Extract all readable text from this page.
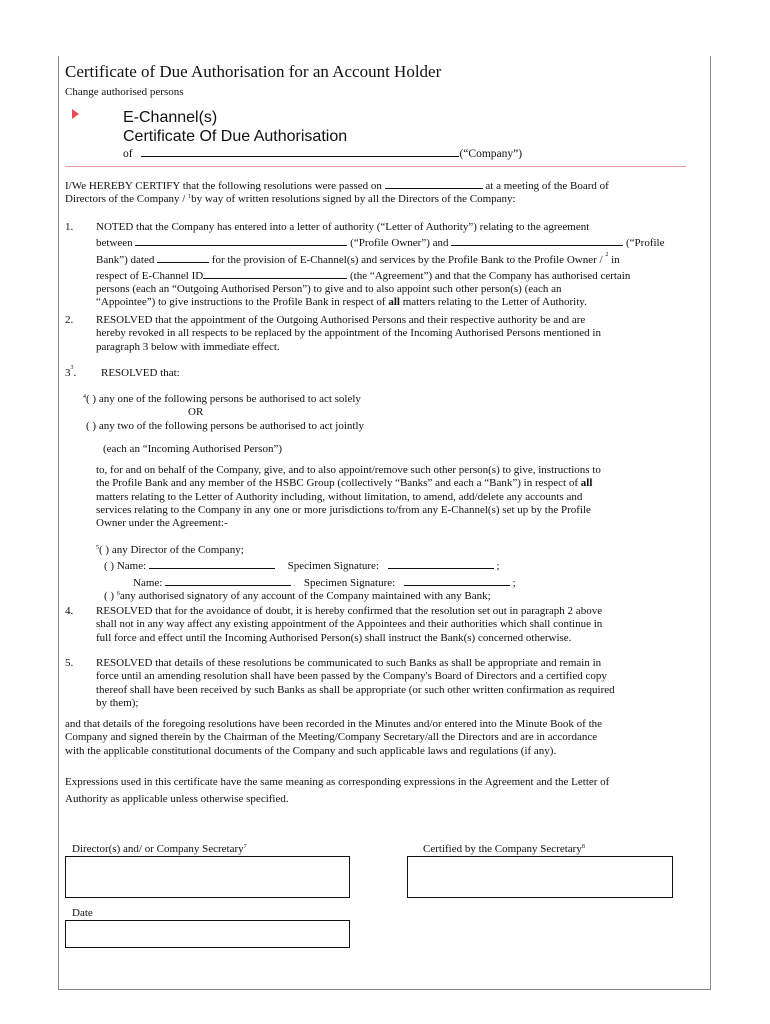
Certificate of Due Authorisation for an Account Holder
Change authorised persons
E-Channel(s)
Certificate Of Due Authorisation
of	(“Company”)
I/We HEREBY CERTIFY that the following resolutions were passed on	at a meeting of the Board of
Directors of the Company / $^1$by way of written resolutions signed by all the Directors of the Company:
1. NOTED that the Company has entered into a letter of authority (“Letter of Authority”) relating to the agreement
between	(“Profile Owner”) and	(“Profile
Bank”) dated	for the provision of E-Channel(s) and services by the Profile Bank to the Profile Owner / $^2$ in
respect of E-Channel ID	(the “Agreement”) and that the Company has authorised certain
persons (each an “Outgoing Authorised Person”) to give and to also appoint such other person(s) (each an
“Appointee”) to give instructions to the Profile Bank in respect of all matters relating to the Letter of Authority.
2. RESOLVED that the appointment of the Outgoing Authorised Persons and their respective authority be and are
hereby revoked in all respects to be replaced by the appointment of the Incoming Authorised Persons mentioned in
paragraph 3 below with immediate effect.
$3^3$. RESOLVED that:
$^4$( ) any one of the following persons be authorised to act solely
OR
( ) any two of the following persons be authorised to act jointly
(each an “Incoming Authorised Person”)
to, for and on behalf of the Company, give, and to also appoint/remove such other person(s) to give, instructions to
the Profile Bank and any member of the HSBC Group (collectively “Banks” and each a “Bank”) in respect of all
matters relating to the Letter of Authority including, without limitation, to amend, add/delete any accounts and
services relating to the Company in any one or more jurisdictions to/from any E-Channel(s) set up by the Profile
Owner under the Agreement:-
$^5$( ) any Director of the Company;
( ) Name:	Specimen Signature:	;
Name:	Specimen Signature:	;
( ) $^6$any authorised signatory of any account of the Company maintained with any Bank;
4. RESOLVED that for the avoidance of doubt, it is hereby confirmed that the resolution set out in paragraph 2 above
shall not in any way affect any existing appointment of the Appointees and their authorities which shall continue in
full force and effect until the Incoming Authorised Person(s) shall instruct the Bank(s) concerned otherwise.
5. RESOLVED that details of these resolutions be communicated to such Banks as shall be appropriate and remain in
force until an amending resolution shall have been passed by the Company's Board of Directors and a certified copy
thereof shall have been received by such Banks as shall be appropriate (or such other written confirmation as required
by them);
and that details of the foregoing resolutions have been recorded in the Minutes and/or entered into the Minute Book of the
Company and signed therein by the Chairman of the Meeting/Company Secretary/all the Directors and are in accordance
with the applicable constitutional documents of the Company and such applicable laws and regulations (if any).
Expressions used in this certificate have the same meaning as corresponding expressions in the Agreement and the Letter of
Authority as applicable unless otherwise specified.
Director(s) and/ or Company Secretary$^7$	Certified by the Company Secretary$^8$
Date
